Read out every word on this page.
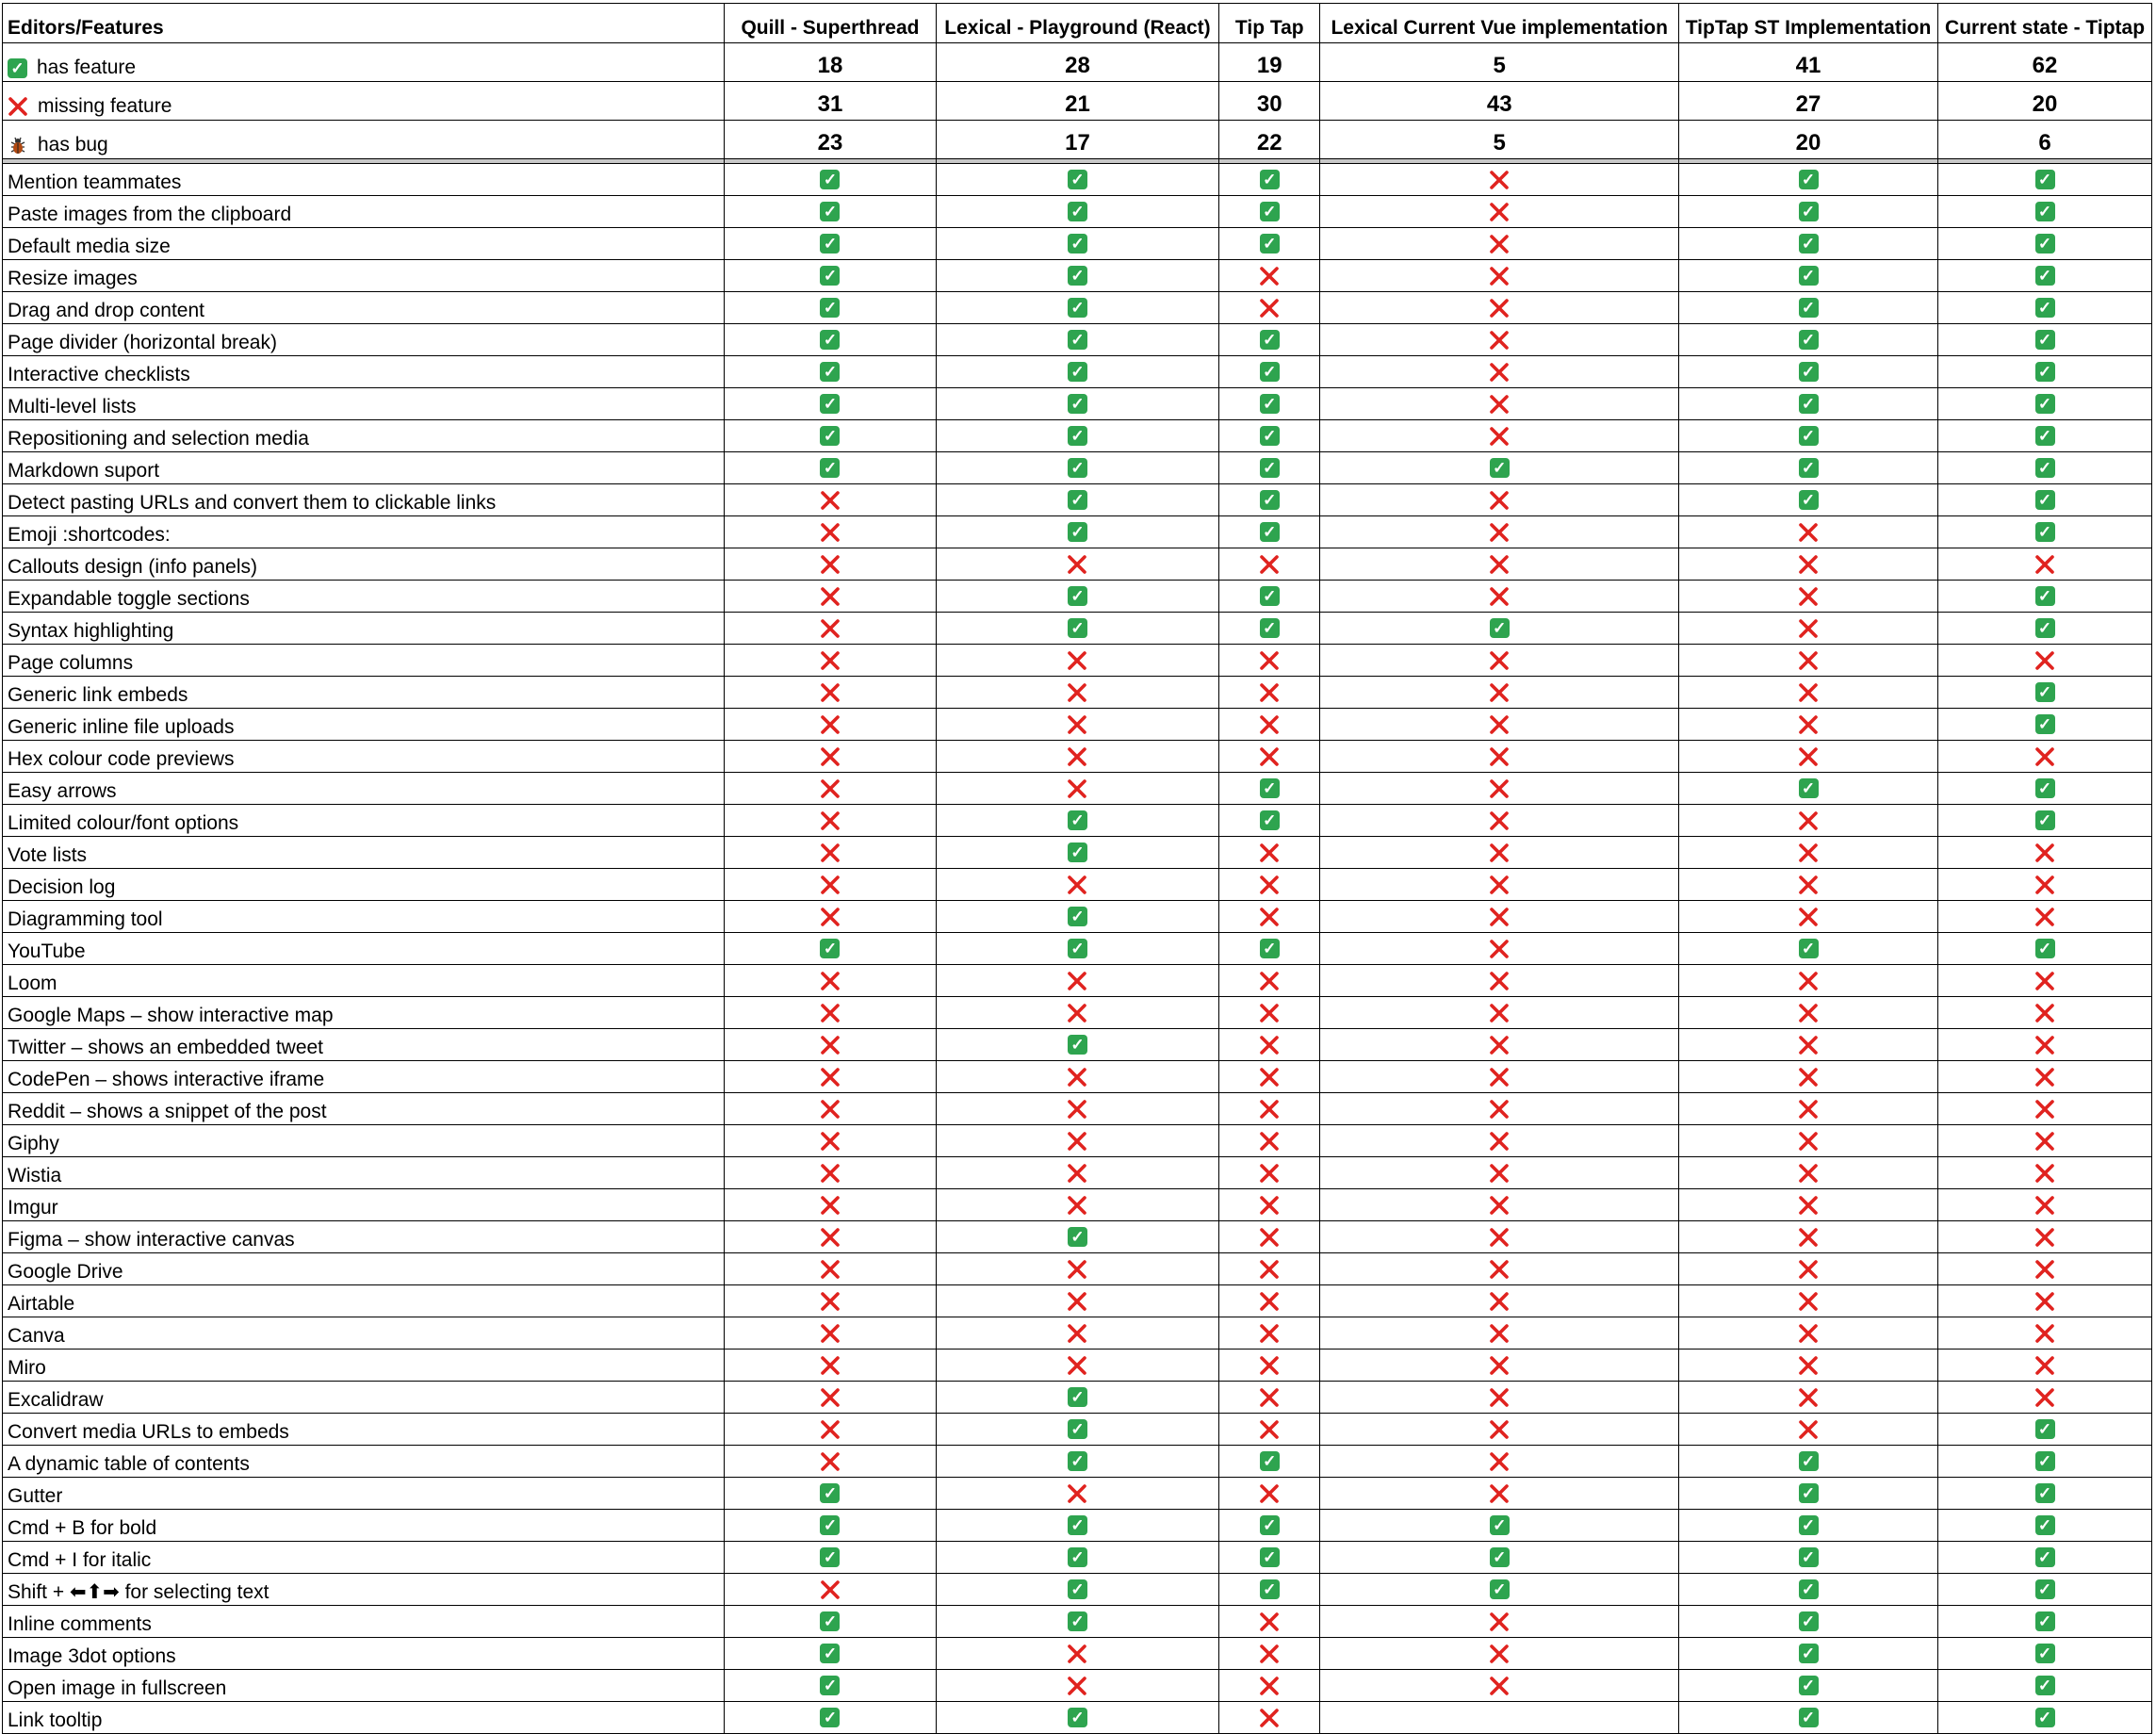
Editors/Features	Quill - Superthread	Lexical - Playground (React)	Tip Tap	Lexical Current Vue implementation	TipTap ST Implementation	Current state - Tiptap
✓ has feature	18	28	19	5	41	62
missing feature	31	21	30	43	27	20
has bug	23	17	22	5	20	6

Mention teammates	✓	✓	✓		✓	✓
Paste images from the clipboard	✓	✓	✓		✓	✓
Default media size	✓	✓	✓		✓	✓
Resize images	✓	✓			✓	✓
Drag and drop content	✓	✓			✓	✓
Page divider (horizontal break)	✓	✓	✓		✓	✓
Interactive checklists	✓	✓	✓		✓	✓
Multi-level lists	✓	✓	✓		✓	✓
Repositioning and selection media	✓	✓	✓		✓	✓
Markdown suport	✓	✓	✓	✓	✓	✓
Detect pasting URLs and convert them to clickable links		✓	✓		✓	✓
Emoji :shortcodes:		✓	✓			✓
Callouts design (info panels)						
Expandable toggle sections		✓	✓			✓
Syntax highlighting		✓	✓	✓		✓
Page columns						
Generic link embeds						✓
Generic inline file uploads						✓
Hex colour code previews						
Easy arrows			✓		✓	✓
Limited colour/font options		✓	✓			✓
Vote lists		✓				
Decision log						
Diagramming tool		✓				
YouTube	✓	✓	✓		✓	✓
Loom						
Google Maps – show interactive map						
Twitter – shows an embedded tweet		✓				
CodePen – shows interactive iframe						
Reddit – shows a snippet of the post						
Giphy						
Wistia						
Imgur						
Figma – show interactive canvas		✓				
Google Drive						
Airtable						
Canva						
Miro						
Excalidraw		✓				
Convert media URLs to embeds		✓				✓
A dynamic table of contents		✓	✓		✓	✓
Gutter	✓				✓	✓
Cmd + B for bold	✓	✓	✓	✓	✓	✓
Cmd + I for italic	✓	✓	✓	✓	✓	✓
Shift + ⬅⬆➡ for selecting text		✓	✓	✓	✓	✓
Inline comments	✓	✓			✓	✓
Image 3dot options	✓				✓	✓
Open image in fullscreen	✓				✓	✓
Link tooltip	✓	✓			✓	✓
